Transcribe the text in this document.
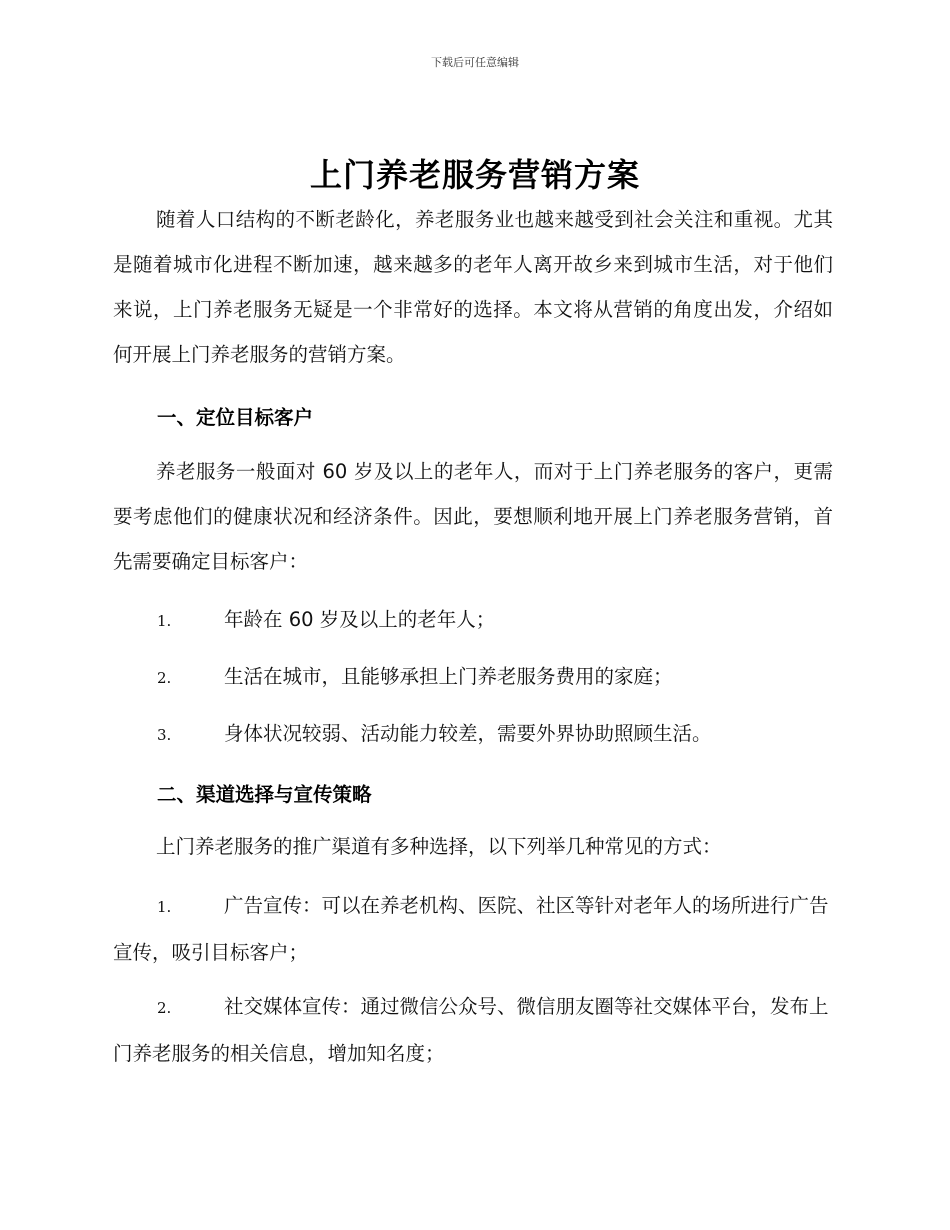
下载后可任意编辑
上门养老服务营销方案
随着人口结构的不断老龄化，养老服务业也越来越受到社会关注和重视。尤其是随着城市化进程不断加速，越来越多的老年人离开故乡来到城市生活，对于他们来说，上门养老服务无疑是一个非常好的选择。本文将从营销的角度出发，介绍如何开展上门养老服务的营销方案。
一、定位目标客户
养老服务一般面对 60 岁及以上的老年人，而对于上门养老服务的客户，更需要考虑他们的健康状况和经济条件。因此，要想顺利地开展上门养老服务营销，首先需要确定目标客户：
1.	年龄在 60 岁及以上的老年人；
2.	生活在城市，且能够承担上门养老服务费用的家庭；
3.	身体状况较弱、活动能力较差，需要外界协助照顾生活。
二、渠道选择与宣传策略
上门养老服务的推广渠道有多种选择，以下列举几种常见的方式：
1.	广告宣传：可以在养老机构、医院、社区等针对老年人的场所进行广告宣传，吸引目标客户；
2.	社交媒体宣传：通过微信公众号、微信朋友圈等社交媒体平台，发布上门养老服务的相关信息，增加知名度；
